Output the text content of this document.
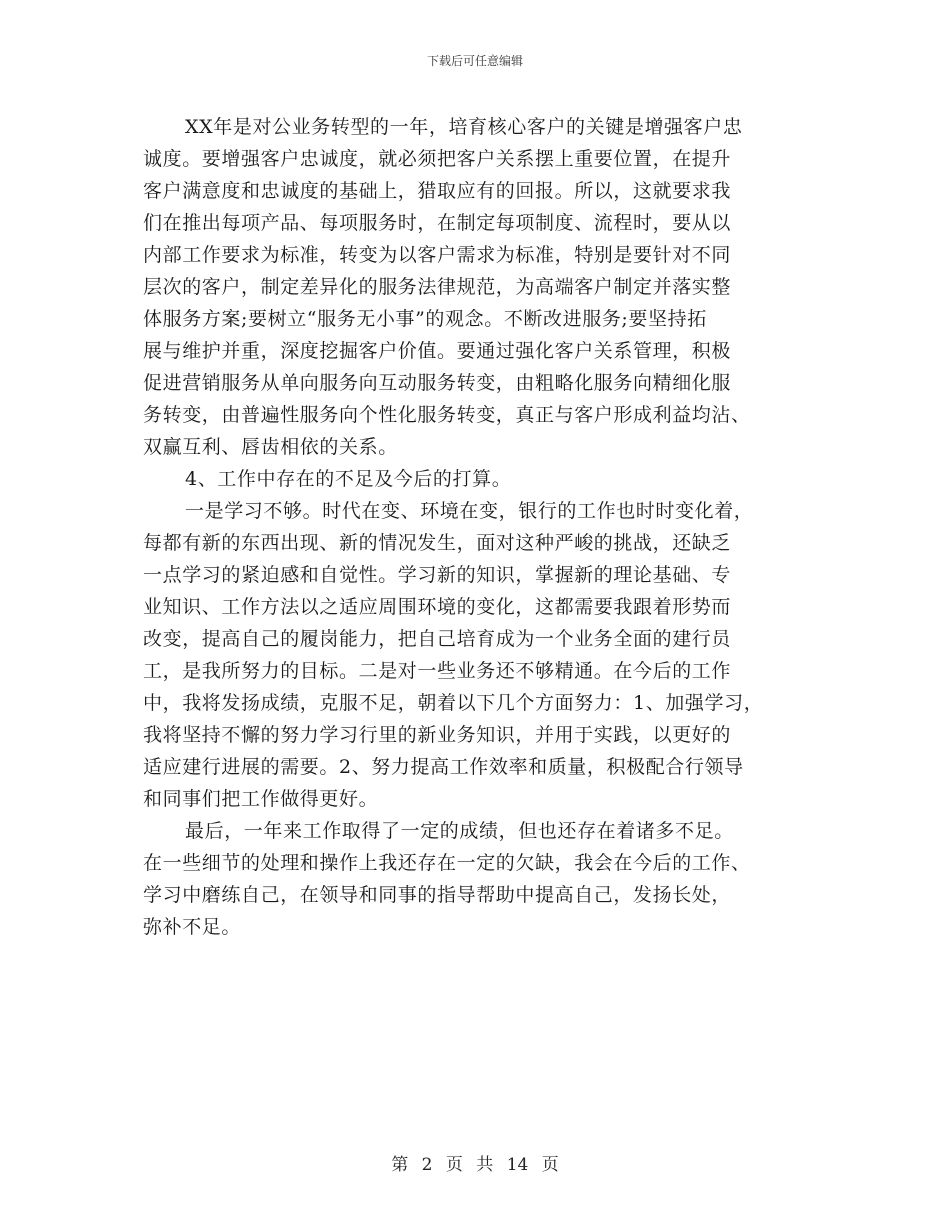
下载后可任意编辑
XX年是对公业务转型的一年，培育核心客户的关键是增强客户忠
诚度。要增强客户忠诚度，就必须把客户关系摆上重要位置，在提升
客户满意度和忠诚度的基础上，猎取应有的回报。所以，这就要求我
们在推出每项产品、每项服务时，在制定每项制度、流程时，要从以
内部工作要求为标准，转变为以客户需求为标准，特别是要针对不同
层次的客户，制定差异化的服务法律规范，为高端客户制定并落实整
体服务方案;要树立“服务无小事”的观念。不断改进服务;要坚持拓
展与维护并重，深度挖掘客户价值。要通过强化客户关系管理，积极
促进营销服务从单向服务向互动服务转变，由粗略化服务向精细化服
务转变，由普遍性服务向个性化服务转变，真正与客户形成利益均沾、
双赢互利、唇齿相依的关系。
4、工作中存在的不足及今后的打算。
一是学习不够。时代在变、环境在变，银行的工作也时时变化着，
每都有新的东西出现、新的情况发生，面对这种严峻的挑战，还缺乏
一点学习的紧迫感和自觉性。学习新的知识，掌握新的理论基础、专
业知识、工作方法以之适应周围环境的变化，这都需要我跟着形势而
改变，提高自己的履岗能力，把自己培育成为一个业务全面的建行员
工，是我所努力的目标。二是对一些业务还不够精通。在今后的工作
中，我将发扬成绩，克服不足，朝着以下几个方面努力：1、加强学习，
我将坚持不懈的努力学习行里的新业务知识，并用于实践，以更好的
适应建行进展的需要。2、努力提高工作效率和质量，积极配合行领导
和同事们把工作做得更好。
最后，一年来工作取得了一定的成绩，但也还存在着诸多不足。
在一些细节的处理和操作上我还存在一定的欠缺，我会在今后的工作、
学习中磨练自己，在领导和同事的指导帮助中提高自己，发扬长处，
弥补不足。
第 2 页 共 14 页
